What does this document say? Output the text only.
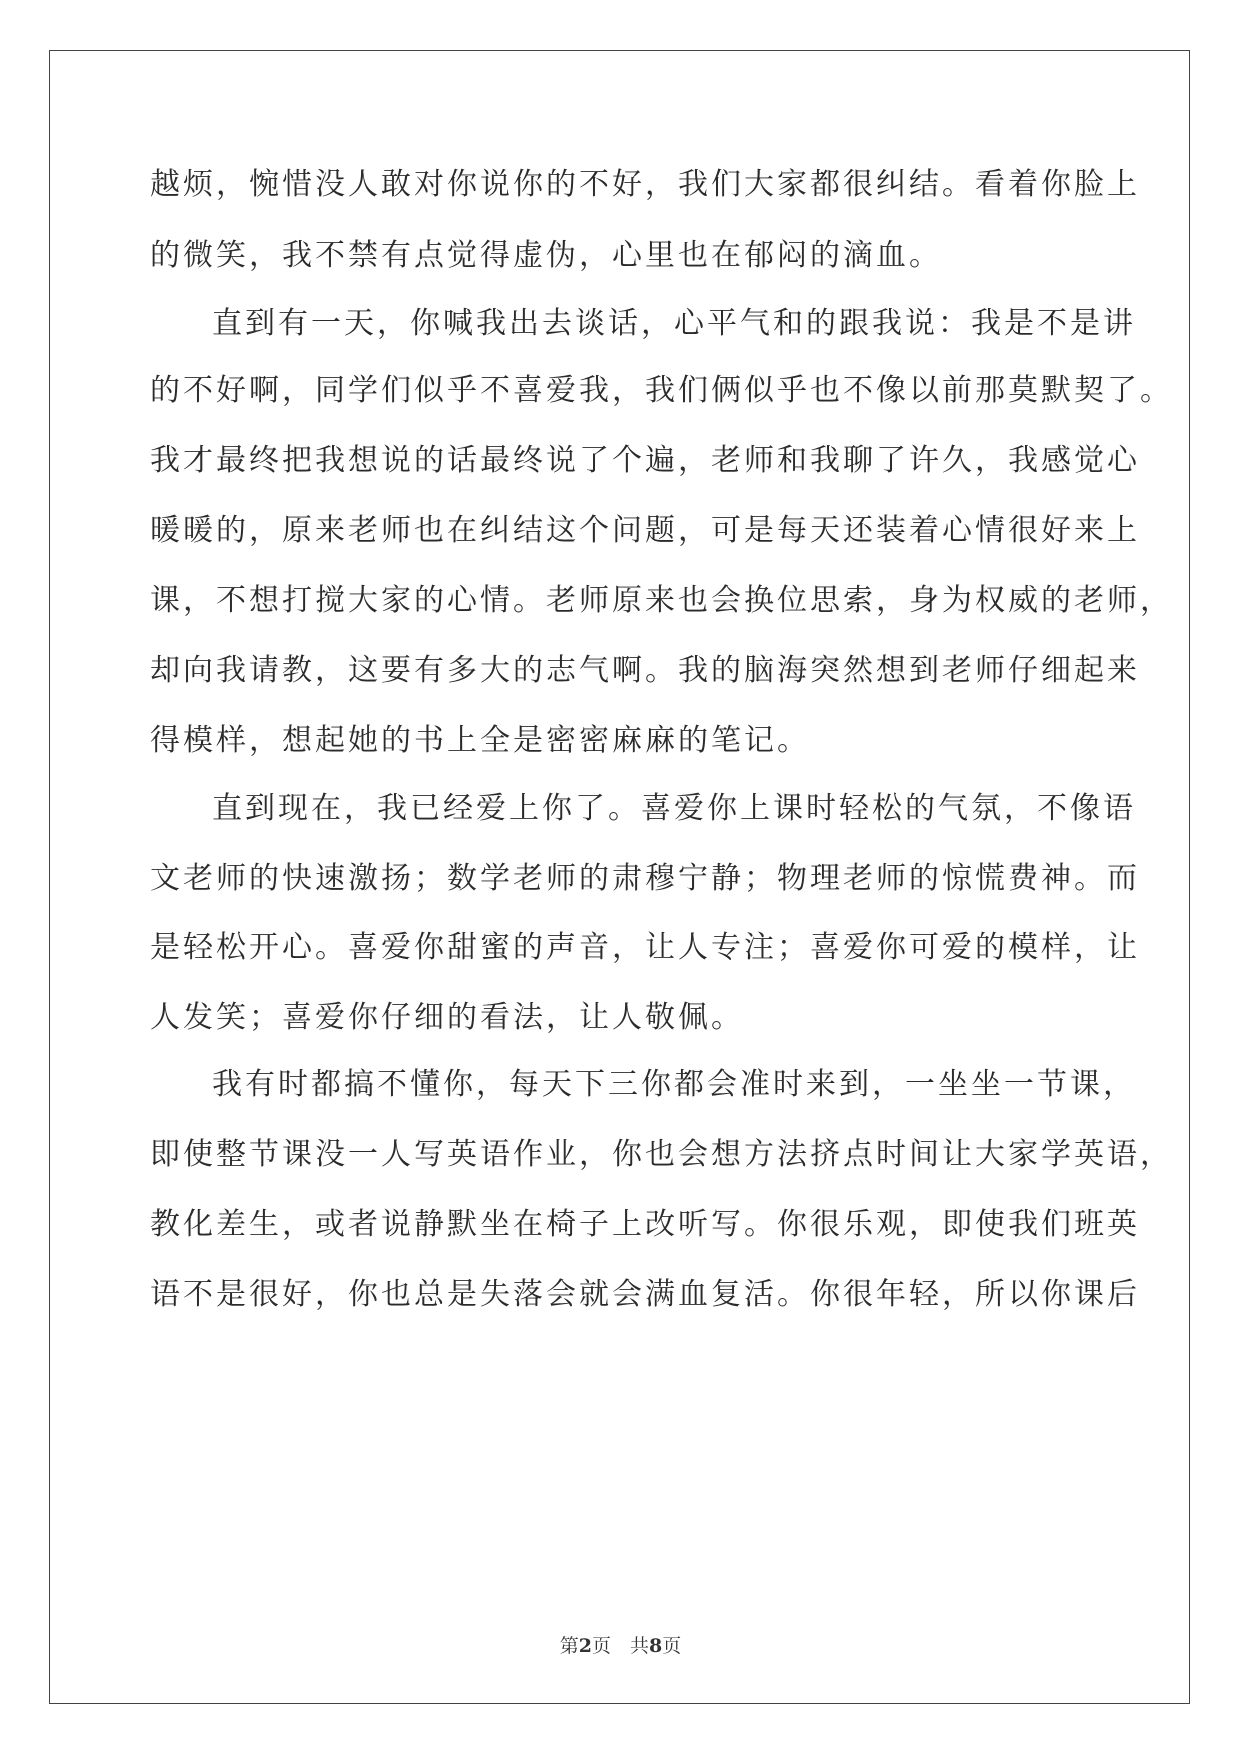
越烦，惋惜没人敢对你说你的不好，我们大家都很纠结。看着你脸上
的微笑，我不禁有点觉得虚伪，心里也在郁闷的滴血。
直到有一天，你喊我出去谈话，心平气和的跟我说：我是不是讲
的不好啊，同学们似乎不喜爱我，我们俩似乎也不像以前那莫默契了。
我才最终把我想说的话最终说了个遍，老师和我聊了许久，我感觉心
暖暖的，原来老师也在纠结这个问题，可是每天还装着心情很好来上
课，不想打搅大家的心情。老师原来也会换位思索，身为权威的老师，
却向我请教，这要有多大的志气啊。我的脑海突然想到老师仔细起来
得模样，想起她的书上全是密密麻麻的笔记。
直到现在，我已经爱上你了。喜爱你上课时轻松的气氛，不像语
文老师的快速激扬；数学老师的肃穆宁静；物理老师的惊慌费神。而
是轻松开心。喜爱你甜蜜的声音，让人专注；喜爱你可爱的模样，让
人发笑；喜爱你仔细的看法，让人敬佩。
我有时都搞不懂你，每天下三你都会准时来到，一坐坐一节课，
即使整节课没一人写英语作业，你也会想方法挤点时间让大家学英语，
教化差生，或者说静默坐在椅子上改听写。你很乐观，即使我们班英
语不是很好，你也总是失落会就会满血复活。你很年轻，所以你课后
第2页　共8页
